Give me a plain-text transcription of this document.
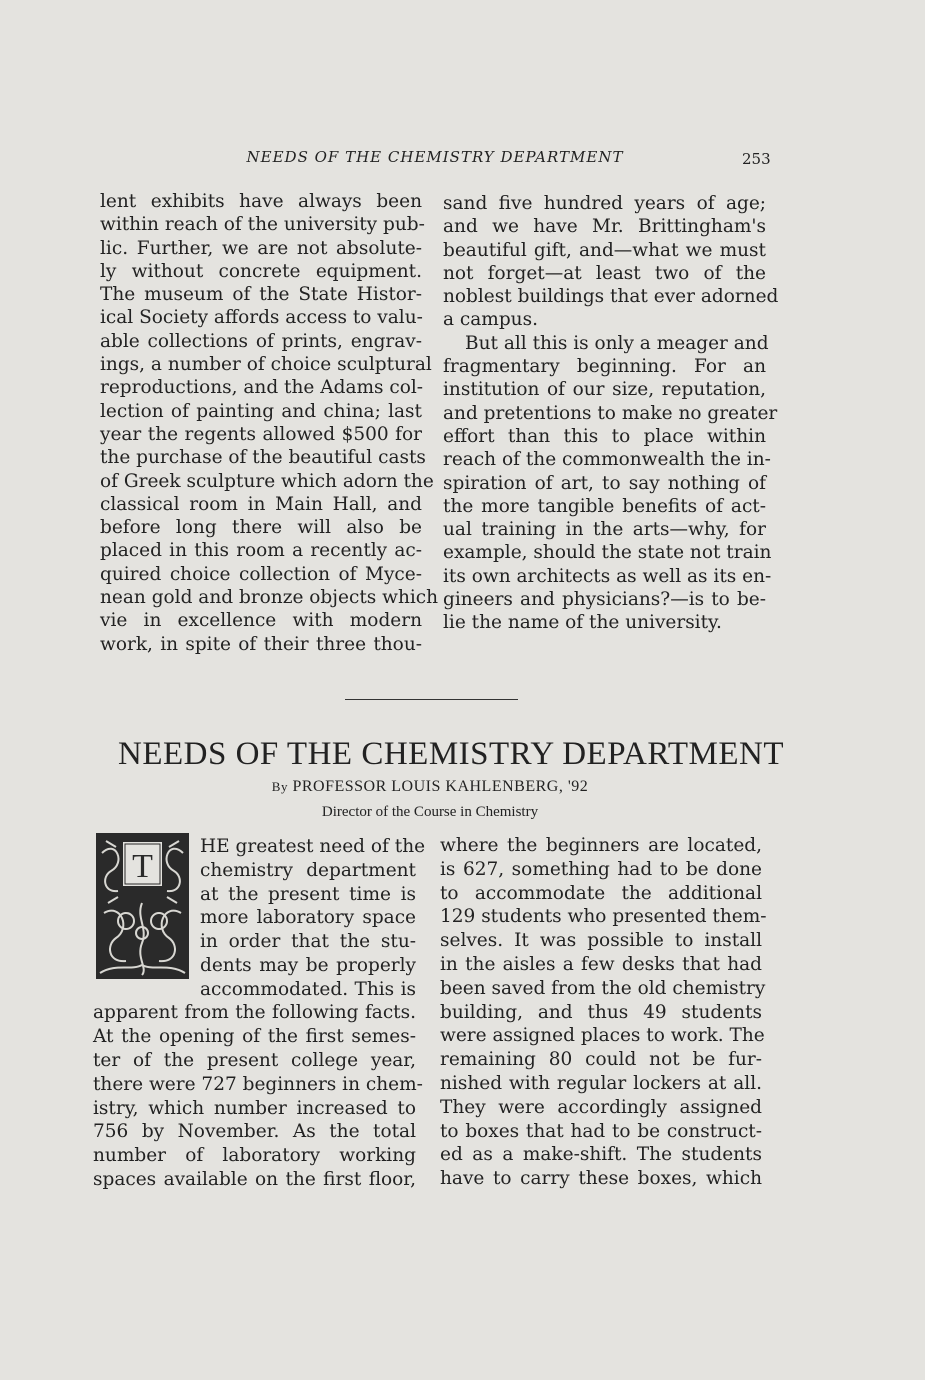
NEEDS OF THE CHEMISTRY DEPARTMENT	253
lent exhibits have always been
within reach of the university pub-
lic. Further, we are not absolute-
ly without concrete equipment.
The museum of the State Histor-
ical Society affords access to valu-
able collections of prints, engrav-
ings, a number of choice sculptural
reproductions, and the Adams col-
lection of painting and china; last
year the regents allowed $500 for
the purchase of the beautiful casts
of Greek sculpture which adorn the
classical room in Main Hall, and
before long there will also be
placed in this room a recently ac-
quired choice collection of Myce-
nean gold and bronze objects which
vie in excellence with modern
work, in spite of their three thou-
sand five hundred years of age;
and we have Mr. Brittingham's
beautiful gift, and—what we must
not forget—at least two of the
noblest buildings that ever adorned
a campus.
But all this is only a meager and
fragmentary beginning. For an
institution of our size, reputation,
and pretentions to make no greater
effort than this to place within
reach of the commonwealth the in-
spiration of art, to say nothing of
the more tangible benefits of act-
ual training in the arts—why, for
example, should the state not train
its own architects as well as its en-
gineers and physicians?—is to be-
lie the name of the university.
NEEDS OF THE CHEMISTRY DEPARTMENT
By PROFESSOR LOUIS KAHLENBERG, '92
Director of the Course in Chemistry
T
HE greatest need of the
chemistry department
at the present time is
more laboratory space
in order that the stu-
dents may be properly
accommodated. This is
apparent from the following facts.
At the opening of the first semes-
ter of the present college year,
there were 727 beginners in chem-
istry, which number increased to
756 by November. As the total
number of laboratory working
spaces available on the first floor,
where the beginners are located,
is 627, something had to be done
to accommodate the additional
129 students who presented them-
selves. It was possible to install
in the aisles a few desks that had
been saved from the old chemistry
building, and thus 49 students
were assigned places to work. The
remaining 80 could not be fur-
nished with regular lockers at all.
They were accordingly assigned
to boxes that had to be construct-
ed as a make-shift. The students
have to carry these boxes, which
